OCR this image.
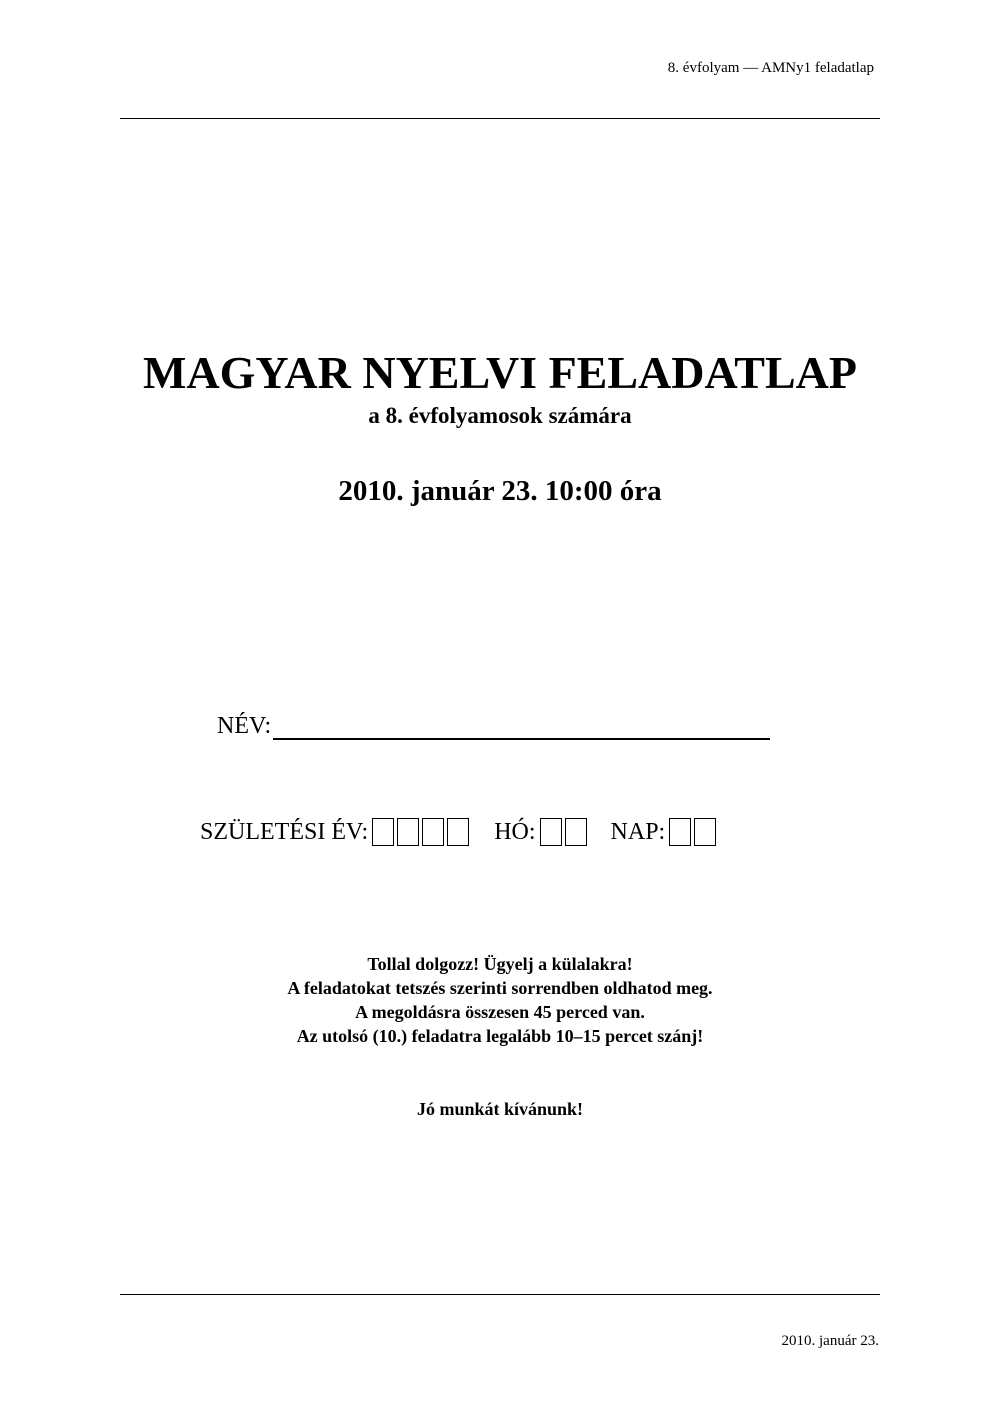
8. évfolyam — AMNy1 feladatlap
MAGYAR NYELVI FELADATLAP
a 8. évfolyamosok számára
2010. január 23. 10:00 óra
NÉV:
SZÜLETÉSI ÉV:	HÓ:	NAP:
Tollal dolgozz! Ügyelj a külalakra!
A feladatokat tetszés szerinti sorrendben oldhatod meg.
A megoldásra összesen 45 perced van.
Az utolsó (10.) feladatra legalább 10–15 percet szánj!
Jó munkát kívánunk!
2010. január 23.
